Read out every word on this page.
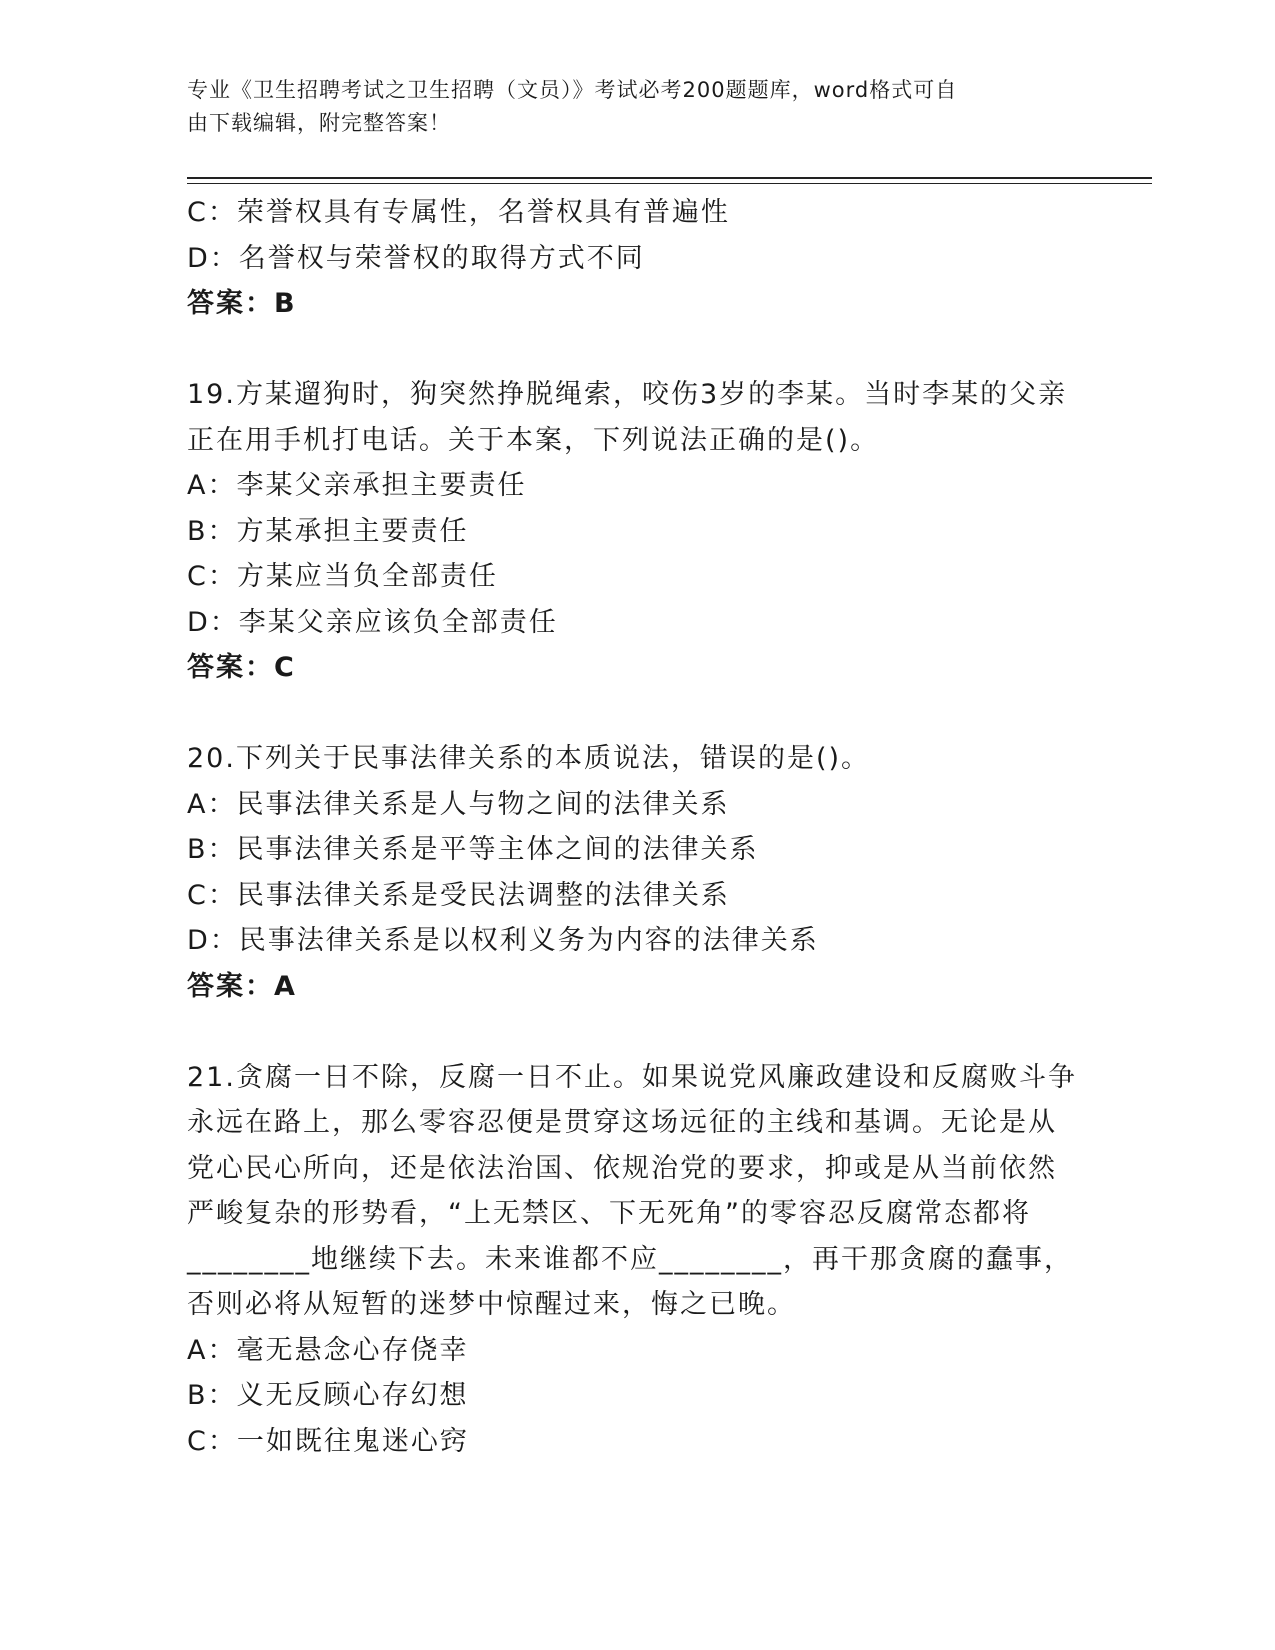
专业《卫生招聘考试之卫生招聘（文员）》考试必考200题题库，word格式可自
由下载编辑，附完整答案！
C：荣誉权具有专属性，名誉权具有普遍性
D：名誉权与荣誉权的取得方式不同
答案：B
19.方某遛狗时，狗突然挣脱绳索，咬伤3岁的李某。当时李某的父亲
正在用手机打电话。关于本案，下列说法正确的是()。
A：李某父亲承担主要责任
B：方某承担主要责任
C：方某应当负全部责任
D：李某父亲应该负全部责任
答案：C
20.下列关于民事法律关系的本质说法，错误的是()。
A：民事法律关系是人与物之间的法律关系
B：民事法律关系是平等主体之间的法律关系
C：民事法律关系是受民法调整的法律关系
D：民事法律关系是以权利义务为内容的法律关系
答案：A
21.贪腐一日不除，反腐一日不止。如果说党风廉政建设和反腐败斗争
永远在路上，那么零容忍便是贯穿这场远征的主线和基调。无论是从
党心民心所向，还是依法治国、依规治党的要求，抑或是从当前依然
严峻复杂的形势看，“上无禁区、下无死角”的零容忍反腐常态都将
________地继续下去。未来谁都不应________，再干那贪腐的蠢事，
否则必将从短暂的迷梦中惊醒过来，悔之已晚。
A：毫无悬念心存侥幸
B：义无反顾心存幻想
C：一如既往鬼迷心窍
